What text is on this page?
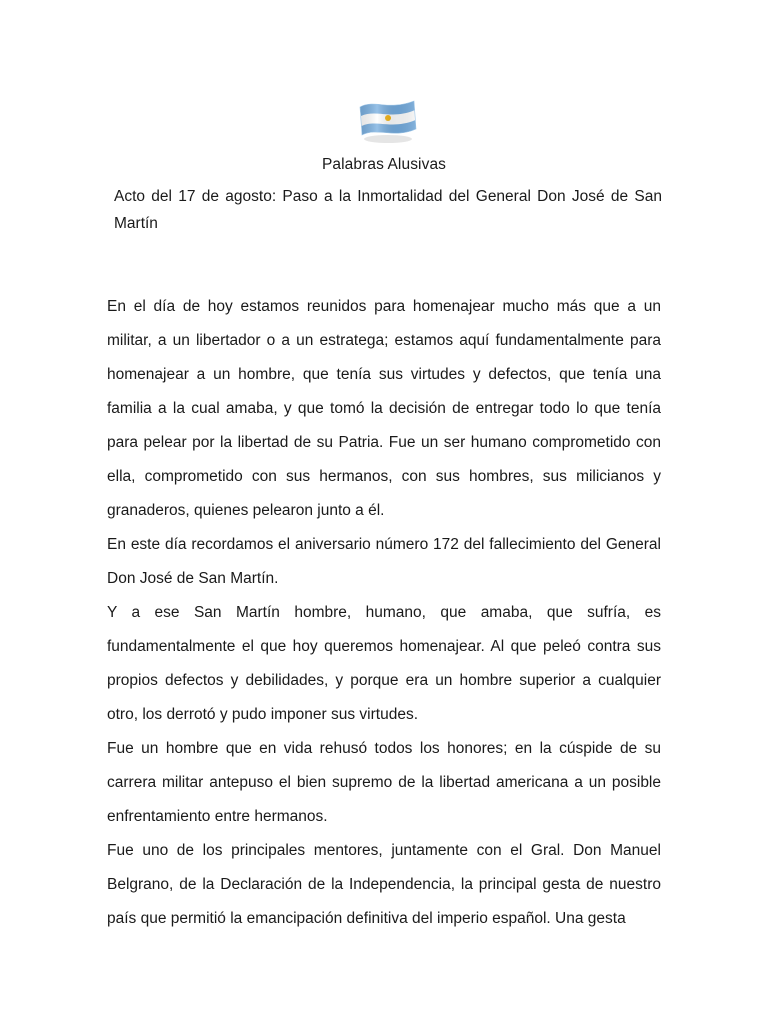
Palabras Alusivas
Acto del 17 de agosto: Paso a la Inmortalidad del General Don José de San Martín

En el día de hoy estamos reunidos para homenajear mucho más que a un militar, a un libertador o a un estratega; estamos aquí fundamentalmente para homenajear a un hombre, que tenía sus virtudes y defectos, que tenía una familia a la cual amaba, y que tomó la decisión de entregar todo lo que tenía para pelear por la libertad de su Patria. Fue un ser humano comprometido con ella, comprometido con sus hermanos, con sus hombres, sus milicianos y granaderos, quienes pelearon junto a él.

En este día recordamos el aniversario número 172 del fallecimiento del General Don José de San Martín.

Y a ese San Martín hombre, humano, que amaba, que sufría, es fundamentalmente el que hoy queremos homenajear. Al que peleó contra sus propios defectos y debilidades, y porque era un hombre superior a cualquier otro, los derrotó y pudo imponer sus virtudes.

Fue un hombre que en vida rehusó todos los honores; en la cúspide de su carrera militar antepuso el bien supremo de la libertad americana a un posible enfrentamiento entre hermanos.

Fue uno de los principales mentores, juntamente con el Gral. Don Manuel Belgrano, de la Declaración de la Independencia, la principal gesta de nuestro país que permitió la emancipación definitiva del imperio español. Una gesta
